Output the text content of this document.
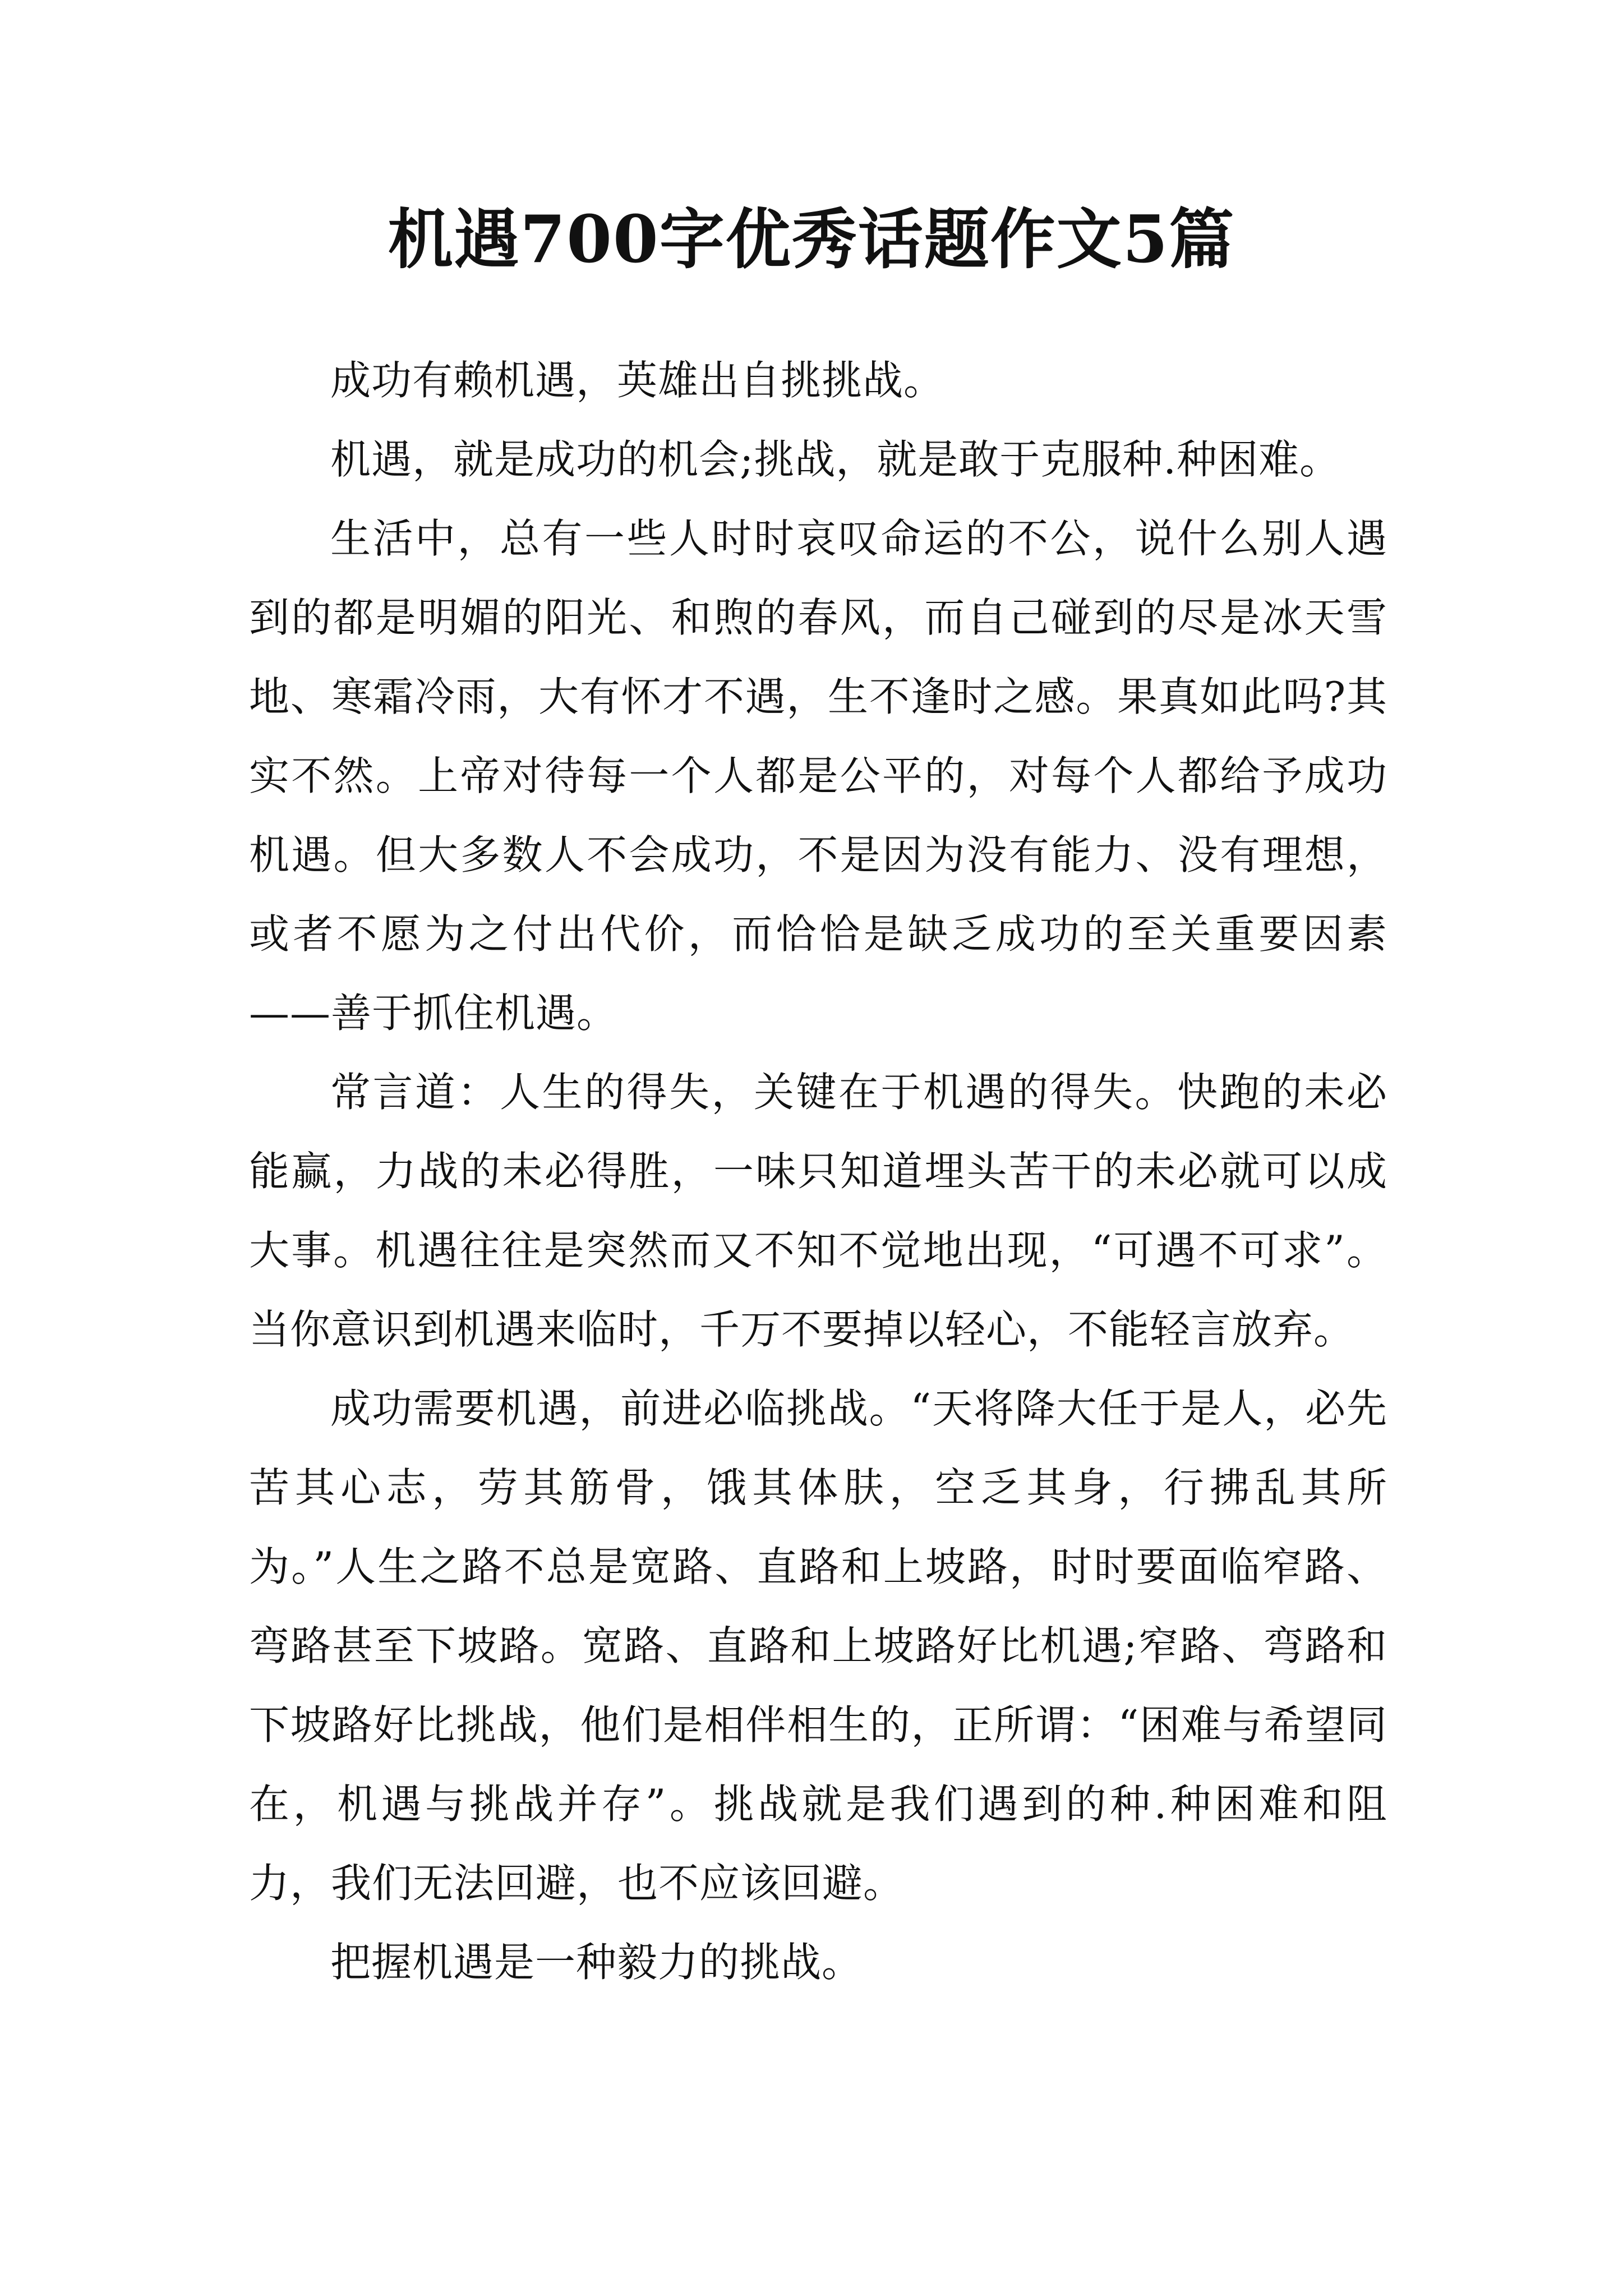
机遇700字优秀话题作文5篇

成功有赖机遇，英雄出自挑挑战。

机遇，就是成功的机会;挑战，就是敢于克服种.种困难。

生活中，总有一些人时时哀叹命运的不公，说什么别人遇到的都是明媚的阳光、和煦的春风，而自己碰到的尽是冰天雪地、寒霜冷雨，大有怀才不遇，生不逢时之感。果真如此吗?其实不然。上帝对待每一个人都是公平的，对每个人都给予成功机遇。但大多数人不会成功，不是因为没有能力、没有理想，或者不愿为之付出代价，而恰恰是缺乏成功的至关重要因素——善于抓住机遇。

常言道：人生的得失，关键在于机遇的得失。快跑的未必能赢，力战的未必得胜，一味只知道埋头苦干的未必就可以成大事。机遇往往是突然而又不知不觉地出现，“可遇不可求”。当你意识到机遇来临时，千万不要掉以轻心，不能轻言放弃。

成功需要机遇，前进必临挑战。“天将降大任于是人，必先苦其心志，劳其筋骨，饿其体肤，空乏其身，行拂乱其所为。”人生之路不总是宽路、直路和上坡路，时时要面临窄路、弯路甚至下坡路。宽路、直路和上坡路好比机遇;窄路、弯路和下坡路好比挑战，他们是相伴相生的，正所谓：“困难与希望同在，机遇与挑战并存”。挑战就是我们遇到的种.种困难和阻力，我们无法回避，也不应该回避。

把握机遇是一种毅力的挑战。
